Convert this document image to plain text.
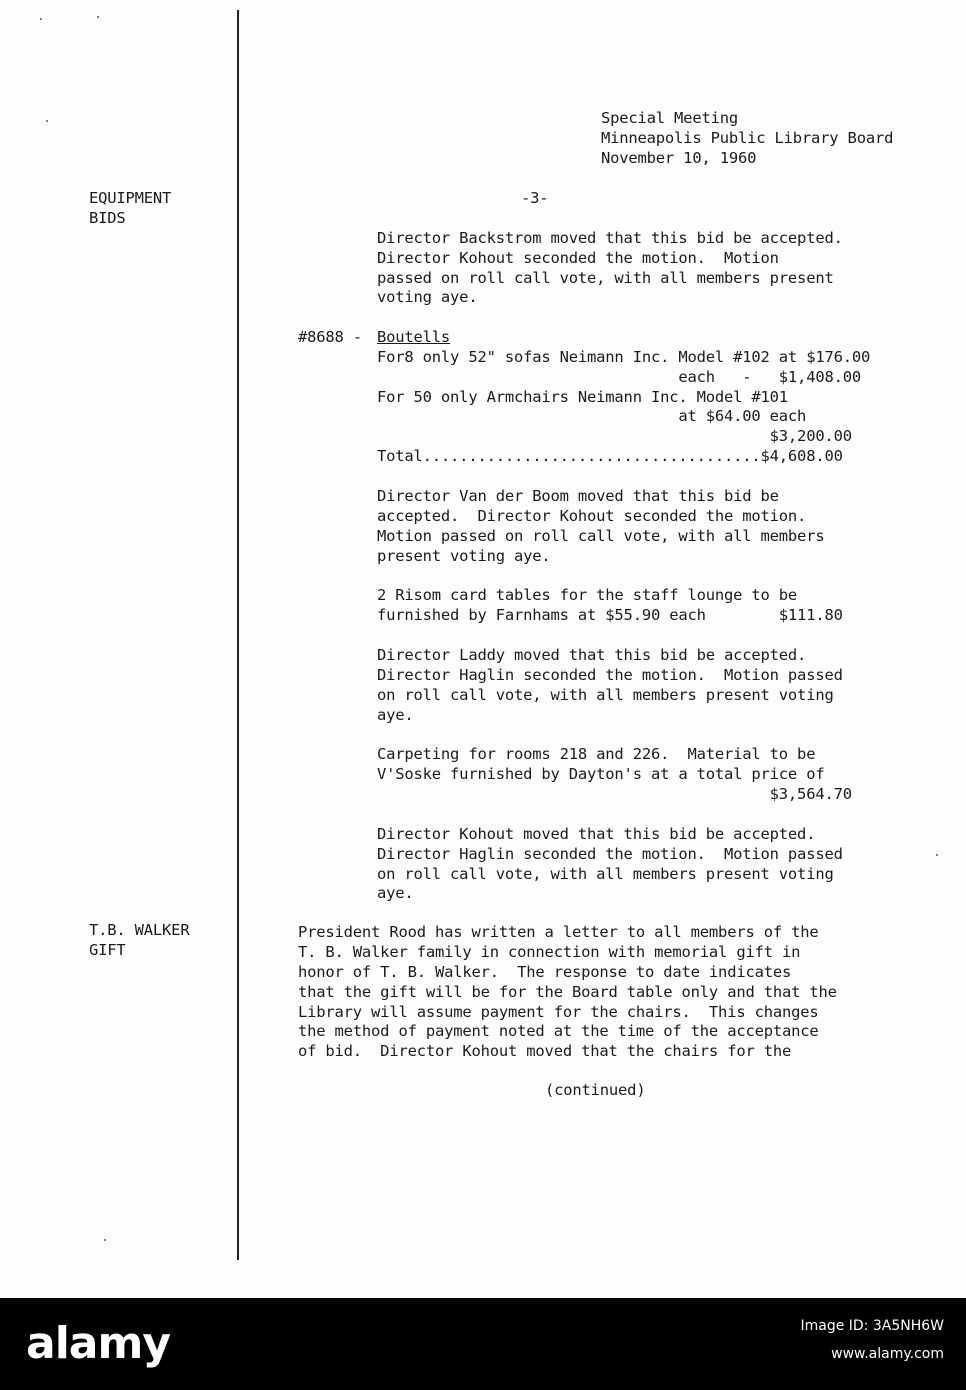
Special Meeting
Minneapolis Public Library Board
November 10, 1960
-3-
EQUIPMENT
BIDS
T.B. WALKER
GIFT
Director Backstrom moved that this bid be accepted.
Director Kohout seconded the motion.  Motion
passed on roll call vote, with all members present
voting aye.
#8688 - Boutells
For8 only 52" sofas Neimann Inc. Model #102 at $176.00
each   -   $1,408.00
For 50 only Armchairs Neimann Inc. Model #101
at $64.00 each
$3,200.00
Total.....................................$4,608.00
Director Van der Boom moved that this bid be
accepted.  Director Kohout seconded the motion.
Motion passed on roll call vote, with all members
present voting aye.
2 Risom card tables for the staff lounge to be
furnished by Farnhams at $55.90 each        $111.80
Director Laddy moved that this bid be accepted.
Director Haglin seconded the motion.  Motion passed
on roll call vote, with all members present voting
aye.
Carpeting for rooms 218 and 226.  Material to be
V'Soske furnished by Dayton's at a total price of
$3,564.70
Director Kohout moved that this bid be accepted.
Director Haglin seconded the motion.  Motion passed
on roll call vote, with all members present voting
aye.
President Rood has written a letter to all members of the
T. B. Walker family in connection with memorial gift in
honor of T. B. Walker.  The response to date indicates
that the gift will be for the Board table only and that the
Library will assume payment for the chairs.  This changes
the method of payment noted at the time of the acceptance
of bid.  Director Kohout moved that the chairs for the
(continued)
alamy	Image ID: 3A5NH6W
www.alamy.com
